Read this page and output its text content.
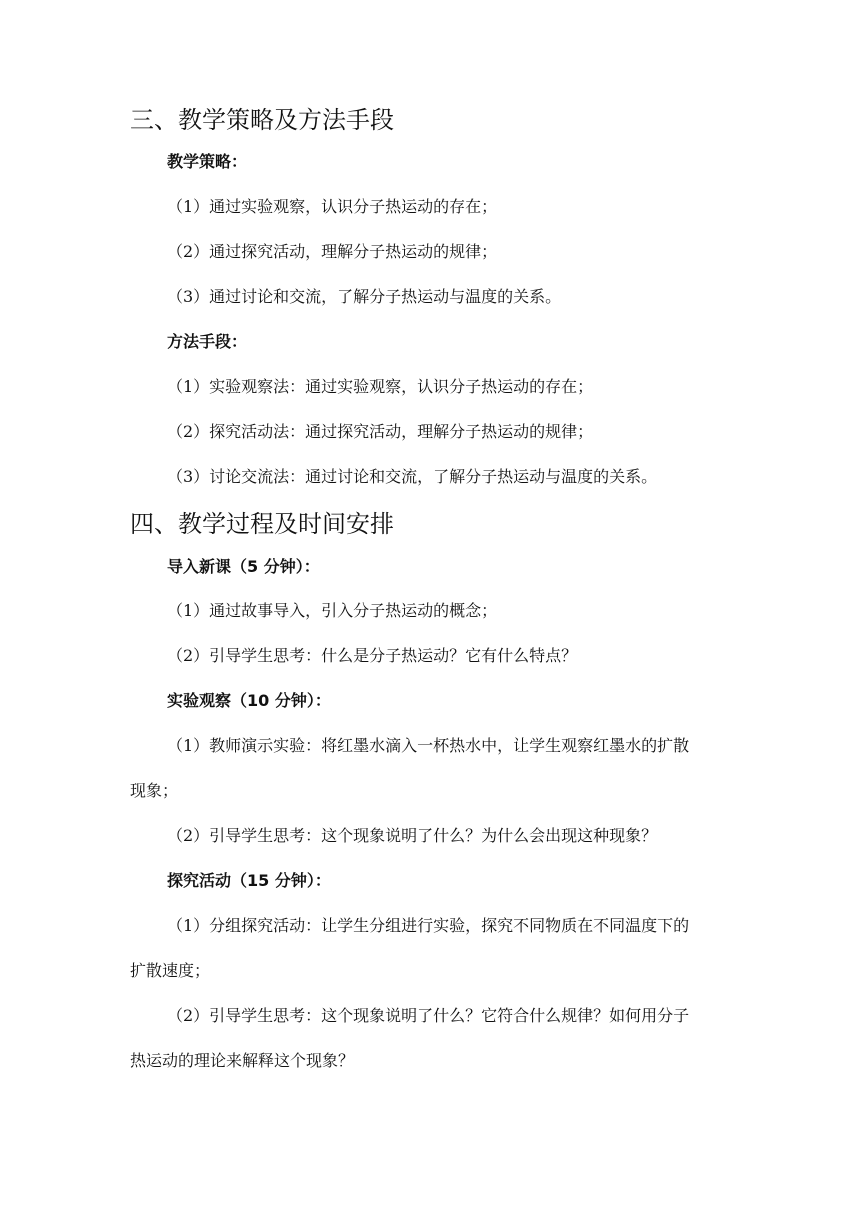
三、教学策略及方法手段
教学策略：
（1）通过实验观察，认识分子热运动的存在；
（2）通过探究活动，理解分子热运动的规律；
（3）通过讨论和交流，了解分子热运动与温度的关系。
方法手段：
（1）实验观察法：通过实验观察，认识分子热运动的存在；
（2）探究活动法：通过探究活动，理解分子热运动的规律；
（3）讨论交流法：通过讨论和交流，了解分子热运动与温度的关系。
四、教学过程及时间安排
导入新课（5 分钟）：
（1）通过故事导入，引入分子热运动的概念；
（2）引导学生思考：什么是分子热运动？它有什么特点？
实验观察（10 分钟）：
（1）教师演示实验：将红墨水滴入一杯热水中，让学生观察红墨水的扩散
现象；
（2）引导学生思考：这个现象说明了什么？为什么会出现这种现象？
探究活动（15 分钟）：
（1）分组探究活动：让学生分组进行实验，探究不同物质在不同温度下的
扩散速度；
（2）引导学生思考：这个现象说明了什么？它符合什么规律？如何用分子
热运动的理论来解释这个现象？
